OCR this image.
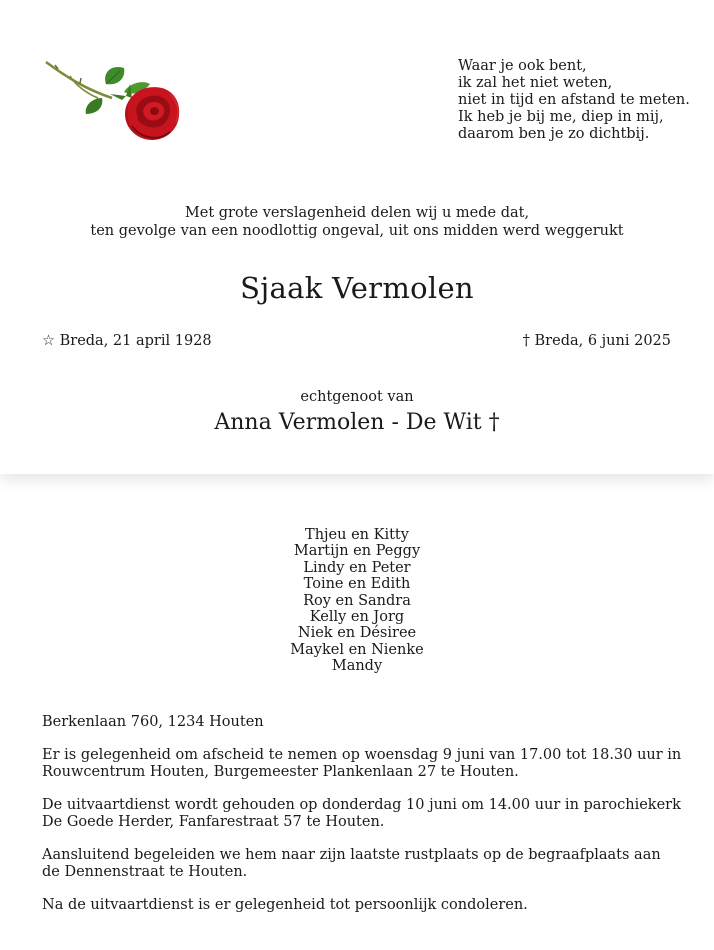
Waar je ook bent,
ik zal het niet weten,
niet in tijd en afstand te meten.
Ik heb je bij me, diep in mij,
daarom ben je zo dichtbij.
Met grote verslagenheid delen wij u mede dat,
ten gevolge van een noodlottig ongeval, uit ons midden werd weggerukt
Sjaak Vermolen
☆ Breda, 21 april 1928	† Breda, 6 juni 2025
echtgenoot van
Anna Vermolen - De Wit †
Thjeu en Kitty
Martijn en Peggy
Lindy en Peter
Toine en Edith
Roy en Sandra
Kelly en Jorg
Niek en Désiree
Maykel en Nienke
Mandy

Berkenlaan 760, 1234 Houten

Er is gelegenheid om afscheid te nemen op woensdag 9 juni van 17.00 tot 18.30 uur in Rouwcentrum Houten, Burgemeester Plankenlaan 27 te Houten.

De uitvaartdienst wordt gehouden op donderdag 10 juni om 14.00 uur in parochiekerk De Goede Herder, Fanfarestraat 57 te Houten.

Aansluitend begeleiden we hem naar zijn laatste rustplaats op de begraafplaats aan de Dennenstraat te Houten.

Na de uitvaartdienst is er gelegenheid tot persoonlijk condoleren.
